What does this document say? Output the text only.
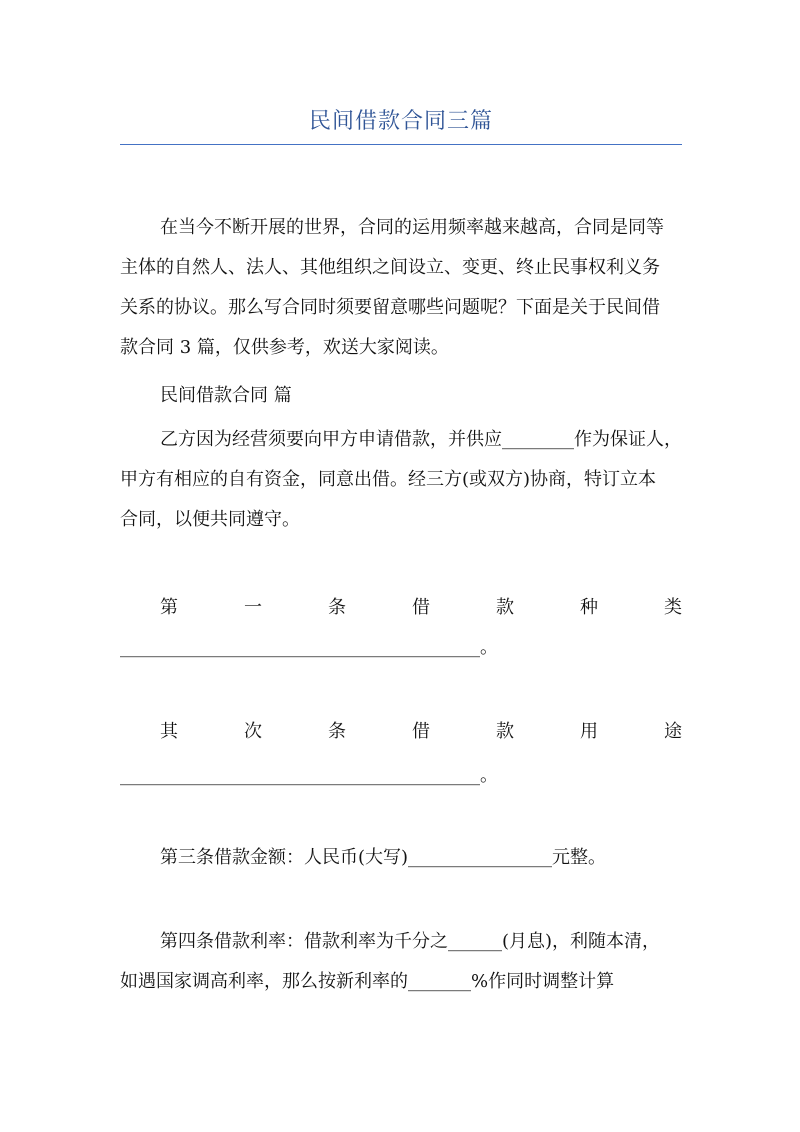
民间借款合同三篇

在当今不断开展的世界，合同的运用频率越来越高，合同是同等

主体的自然人、法人、其他组织之间设立、变更、终止民事权利义务

关系的协议。那么写合同时须要留意哪些问题呢？下面是关于民间借

款合同 3 篇，仅供参考，欢送大家阅读。

民间借款合同 篇

乙方因为经营须要向甲方申请借款，并供应________作为保证人，

甲方有相应的自有资金，同意出借。经三方(或双方)协商，特订立本

合同，以便共同遵守。

第	一	条	借	款	种	类

________________________________________。

其	次	条	借	款	用	途

________________________________________。

第三条借款金额：人民币(大写)________________元整。

第四条借款利率：借款利率为千分之______(月息)，利随本清，

如遇国家调高利率，那么按新利率的_______%作同时调整计算
